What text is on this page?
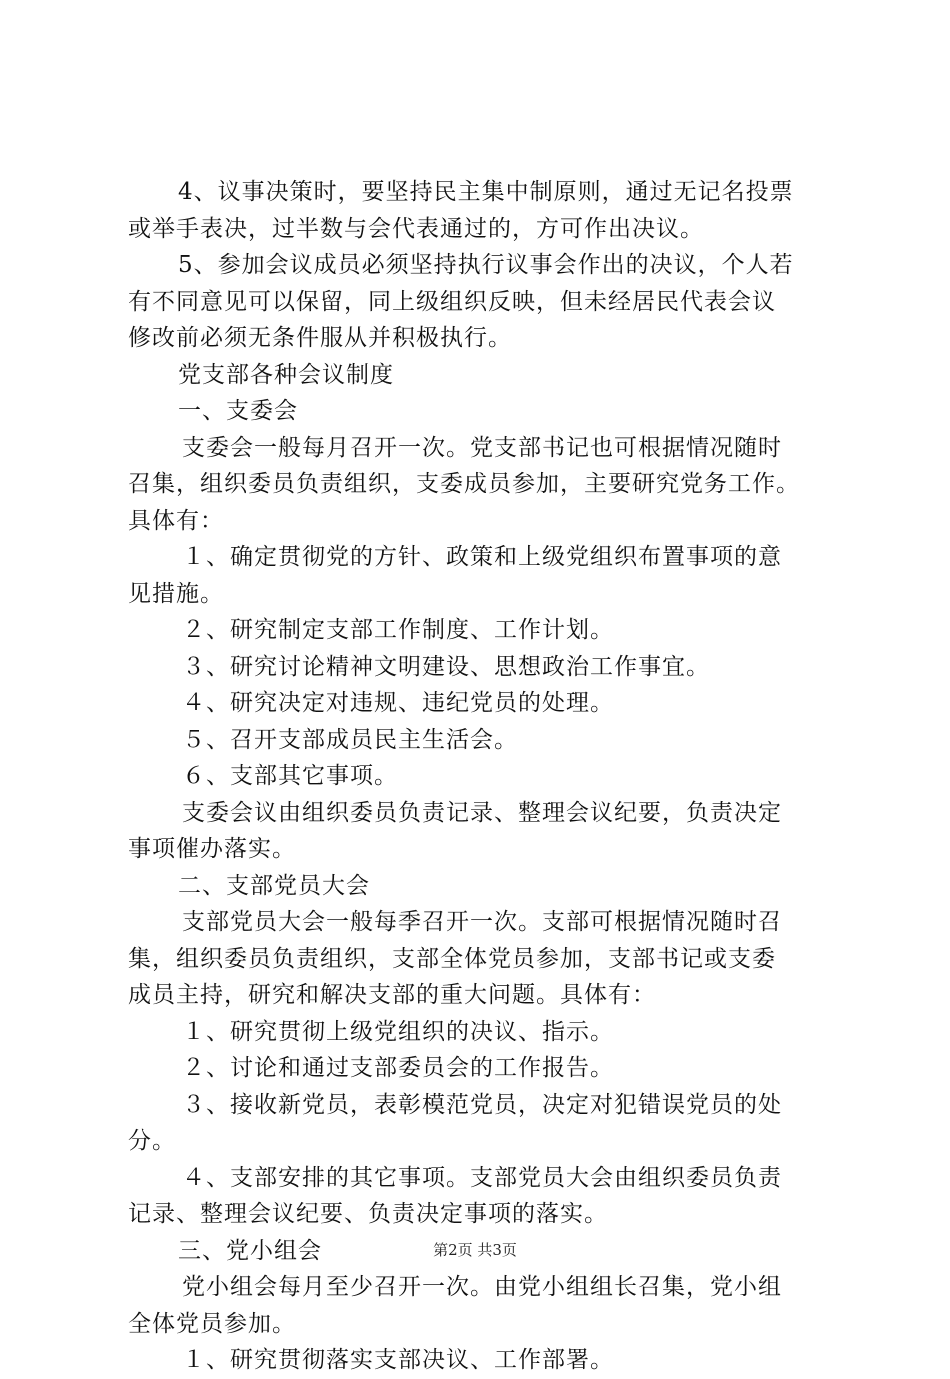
4、议事决策时，要坚持民主集中制原则，通过无记名投票
或举手表决，过半数与会代表通过的，方可作出决议。
5、参加会议成员必须坚持执行议事会作出的决议，个人若
有不同意见可以保留，同上级组织反映，但未经居民代表会议
修改前必须无条件服从并积极执行。
党支部各种会议制度
一、支委会
支委会一般每月召开一次。党支部书记也可根据情况随时
召集，组织委员负责组织，支委成员参加，主要研究党务工作。
具体有：
１、确定贯彻党的方针、政策和上级党组织布置事项的意
见措施。
２、研究制定支部工作制度、工作计划。
３、研究讨论精神文明建设、思想政治工作事宜。
４、研究决定对违规、违纪党员的处理。
５、召开支部成员民主生活会。
６、支部其它事项。
支委会议由组织委员负责记录、整理会议纪要，负责决定
事项催办落实。
二、支部党员大会
支部党员大会一般每季召开一次。支部可根据情况随时召
集，组织委员负责组织，支部全体党员参加，支部书记或支委
成员主持，研究和解决支部的重大问题。具体有：
１、研究贯彻上级党组织的决议、指示。
２、讨论和通过支部委员会的工作报告。
３、接收新党员，表彰模范党员，决定对犯错误党员的处
分。
４、支部安排的其它事项。支部党员大会由组织委员负责
记录、整理会议纪要、负责决定事项的落实。
三、党小组会
党小组会每月至少召开一次。由党小组组长召集，党小组
全体党员参加。
１、研究贯彻落实支部决议、工作部署。
第2页 共3页
